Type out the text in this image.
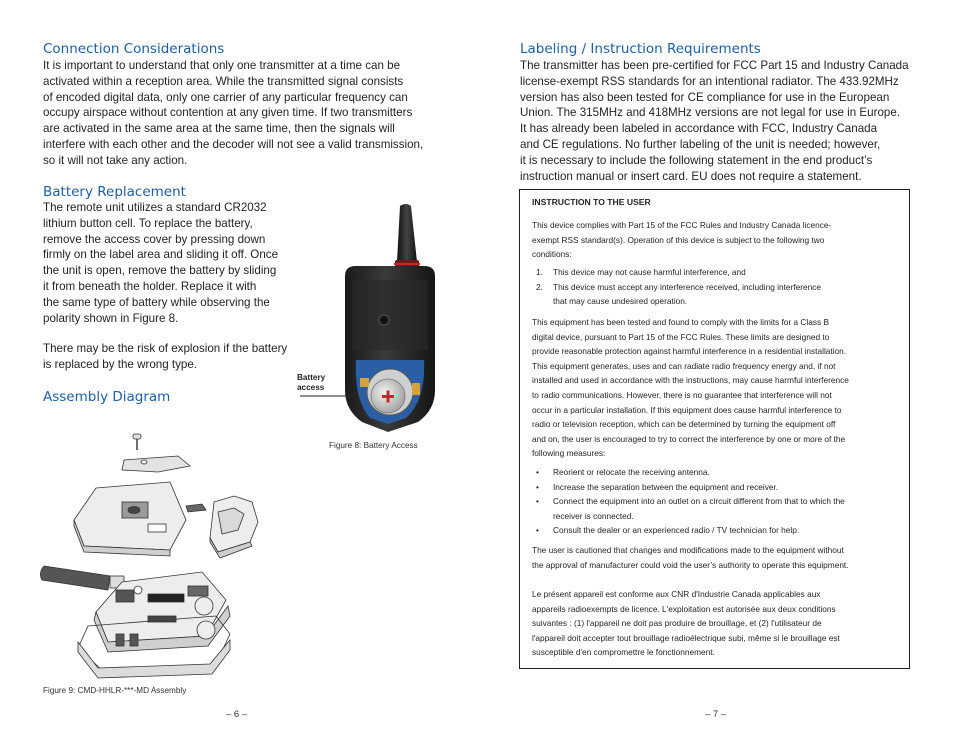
Connection Considerations
It is important to understand that only one transmitter at a time can be
activated within a reception area. While the transmitted signal consists
of encoded digital data, only one carrier of any particular frequency can
occupy airspace without contention at any given time. If two transmitters
are activated in the same area at the same time, then the signals will
interfere with each other and the decoder will not see a valid transmission,
so it will not take any action.
Battery Replacement
The remote unit utilizes a standard CR2032
lithium button cell. To replace the battery,
remove the access cover by pressing down
firmly on the label area and sliding it off. Once
the unit is open, remove the battery by sliding
it from beneath the holder. Replace it with
the same type of battery while observing the
polarity shown in Figure 8.
There may be the risk of explosion if the battery
is replaced by the wrong type.
Assembly Diagram
Battery
access
Figure 8: Battery Access
Figure 9: CMD-HHLR-***-MD Assembly
– 6 –
Labeling / Instruction Requirements
The transmitter has been pre-certified for FCC Part 15 and Industry Canada
license-exempt RSS standards for an intentional radiator. The 433.92MHz
version has also been tested for CE compliance for use in the European
Union. The 315MHz and 418MHz versions are not legal for use in Europe.
It has already been labeled in accordance with FCC, Industry Canada
and CE regulations. No further labeling of the unit is needed; however,
it is necessary to include the following statement in the end product’s
instruction manual or insert card. EU does not require a statement.
INSTRUCTION TO THE USER
This device complies with Part 15 of the FCC Rules and Industry Canada licence-
exempt RSS standard(s). Operation of this device is subject to the following two
conditions:
1. This device may not cause harmful interference, and
2. This device must accept any interference received, including interference
that may cause undesired operation.
This equipment has been tested and found to comply with the limits for a Class B
digital device, pursuant to Part 15 of the FCC Rules. These limits are designed to
provide reasonable protection against harmful interference in a residential installation.
This equipment generates, uses and can radiate radio frequency energy and, if not
installed and used in accordance with the instructions, may cause harmful interference
to radio communications. However, there is no guarantee that interference will not
occur in a particular installation. If this equipment does cause harmful interference to
radio or television reception, which can be determined by turning the equipment off
and on, the user is encouraged to try to correct the interference by one or more of the
following measures:
• Reorient or relocate the receiving antenna.
• Increase the separation between the equipment and receiver.
• Connect the equipment into an outlet on a circuit different from that to which the
receiver is connected.
• Consult the dealer or an experienced radio / TV technician for help.
The user is cautioned that changes and modifications made to the equipment without
the approval of manufacturer could void the user’s authority to operate this equipment.
Le présent appareil est conforme aux CNR d'Industrie Canada applicables aux
appareils radioexempts de licence. L'exploitation est autorisée aux deux conditions
suivantes : (1) l'appareil ne doit pas produire de brouillage, et (2) l'utilisateur de
l'appareil doit accepter tout brouillage radioélectrique subi, même si le brouillage est
susceptible d'en compromettre le fonctionnement.
– 7 –
